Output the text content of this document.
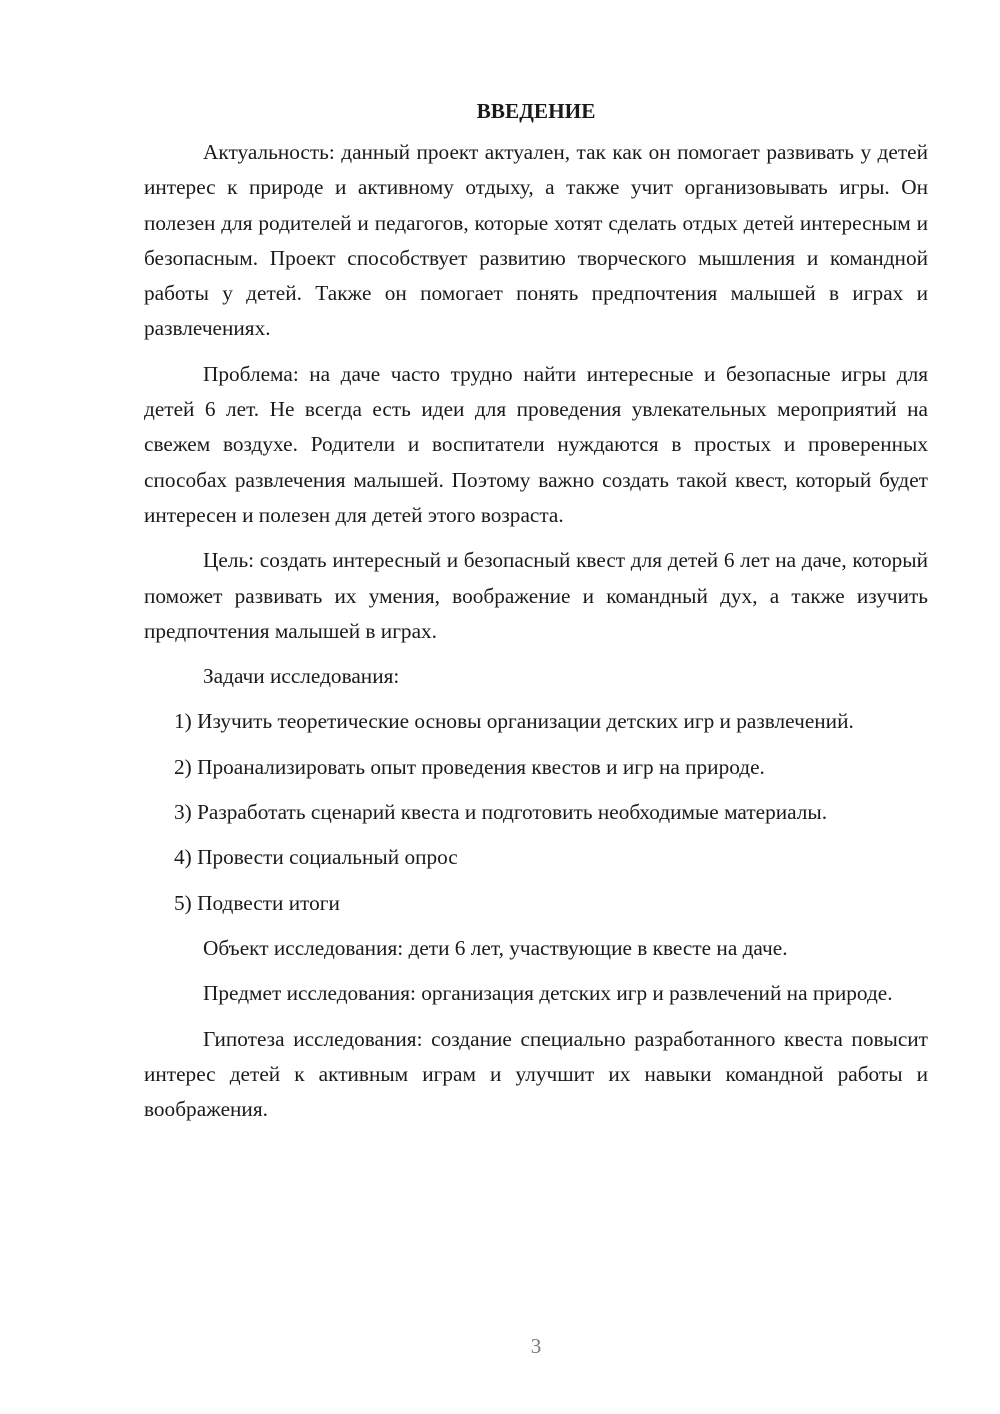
ВВЕДЕНИЕ

Актуальность: данный проект актуален, так как он помогает развивать у детей интерес к природе и активному отдыху, а также учит организовывать игры. Он полезен для родителей и педагогов, которые хотят сделать отдых детей интересным и безопасным. Проект способствует развитию творческого мышления и командной работы у детей. Также он помогает понять предпочтения малышей в играх и развлечениях.

Проблема: на даче часто трудно найти интересные и безопасные игры для детей 6 лет. Не всегда есть идеи для проведения увлекательных мероприятий на свежем воздухе. Родители и воспитатели нуждаются в простых и проверенных способах развлечения малышей. Поэтому важно создать такой квест, который будет интересен и полезен для детей этого возраста.

Цель: создать интересный и безопасный квест для детей 6 лет на даче, который поможет развивать их умения, воображение и командный дух, а также изучить предпочтения малышей в играх.

Задачи исследования:

1) Изучить теоретические основы организации детских игр и развлечений.

2) Проанализировать опыт проведения квестов и игр на природе.

3) Разработать сценарий квеста и подготовить необходимые материалы.

4) Провести социальный опрос

5) Подвести итоги

Объект исследования: дети 6 лет, участвующие в квесте на даче.

Предмет исследования: организация детских игр и развлечений на природе.

Гипотеза исследования: создание специально разработанного квеста повысит интерес детей к активным играм и улучшит их навыки командной работы и воображения.

3
